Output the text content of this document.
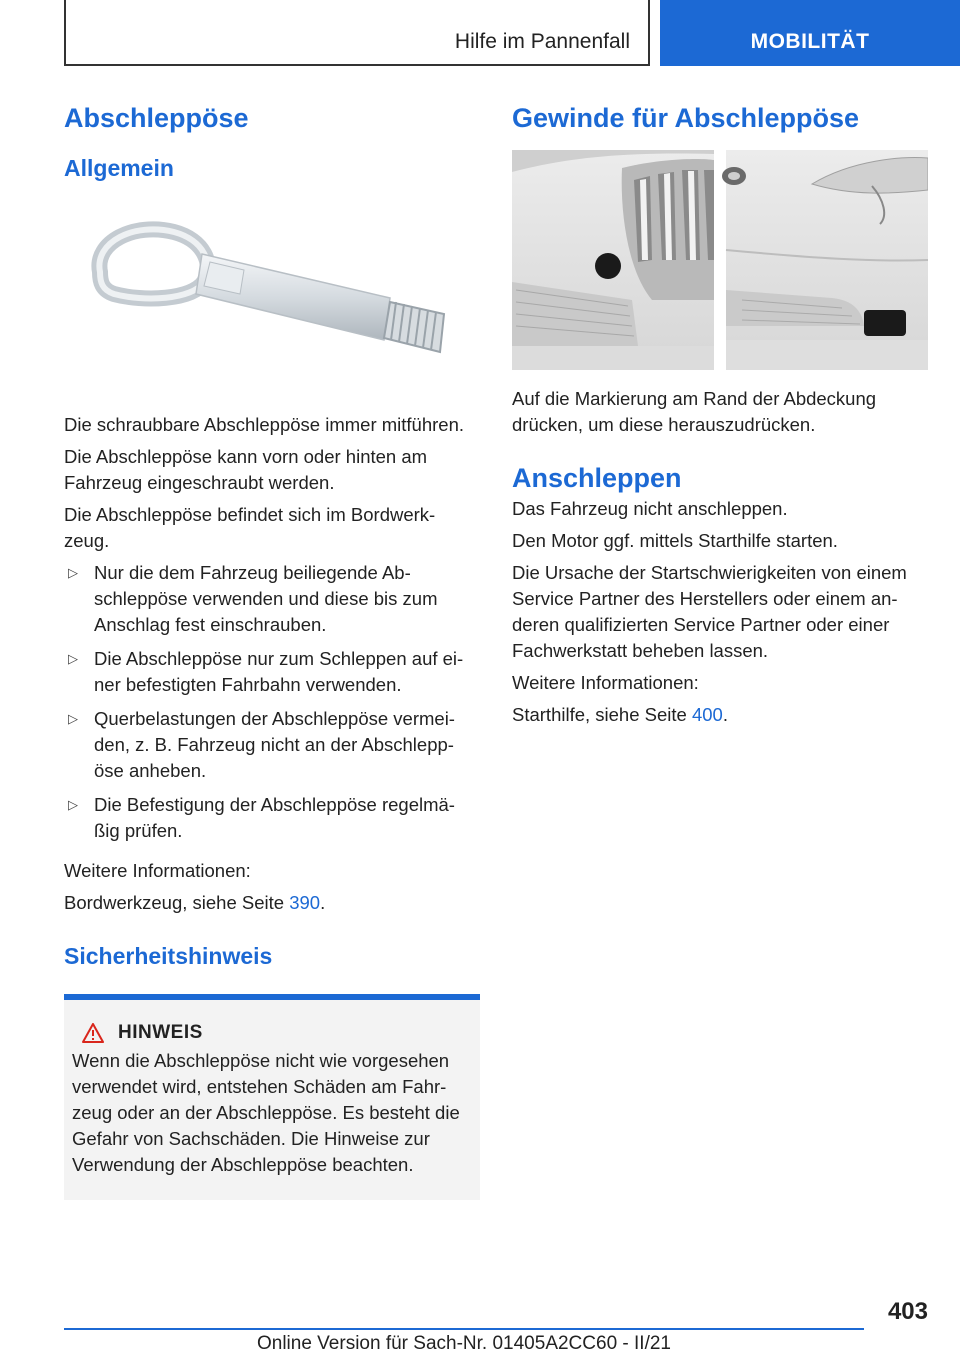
Hilfe im Pannenfall	MOBILITÄT
Abschleppöse
Allgemein

Die schraubbare Abschleppöse immer mitführen.

Die Abschleppöse kann vorn oder hinten am Fahrzeug eingeschraubt werden.

Die Abschleppöse befindet sich im Bordwerk-zeug.

▷ Nur die dem Fahrzeug beiliegende Ab-schleppöse verwenden und diese bis zum Anschlag fest einschrauben.
▷ Die Abschleppöse nur zum Schleppen auf ei-ner befestigten Fahrbahn verwenden.
▷ Querbelastungen der Abschleppöse vermei-den, z. B. Fahrzeug nicht an der Abschlepp-öse anheben.
▷ Die Befestigung der Abschleppöse regelmä-ßig prüfen.

Weitere Informationen:

Bordwerkzeug, siehe Seite 390.

Sicherheitshinweis
HINWEIS

Wenn die Abschleppöse nicht wie vorgesehen verwendet wird, entstehen Schäden am Fahr-zeug oder an der Abschleppöse. Es besteht die Gefahr von Sachschäden. Die Hinweise zur Verwendung der Abschleppöse beachten.

Gewinde für Abschleppöse

Auf die Markierung am Rand der Abdeckung drücken, um diese herauszudrücken.

Anschleppen

Das Fahrzeug nicht anschleppen.

Den Motor ggf. mittels Starthilfe starten.

Die Ursache der Startschwierigkeiten von einem Service Partner des Herstellers oder einem an-deren qualifizierten Service Partner oder einer Fachwerkstatt beheben lassen.

Weitere Informationen:

Starthilfe, siehe Seite 400.

403
Online Version für Sach-Nr. 01405A2CC60 - II/21
